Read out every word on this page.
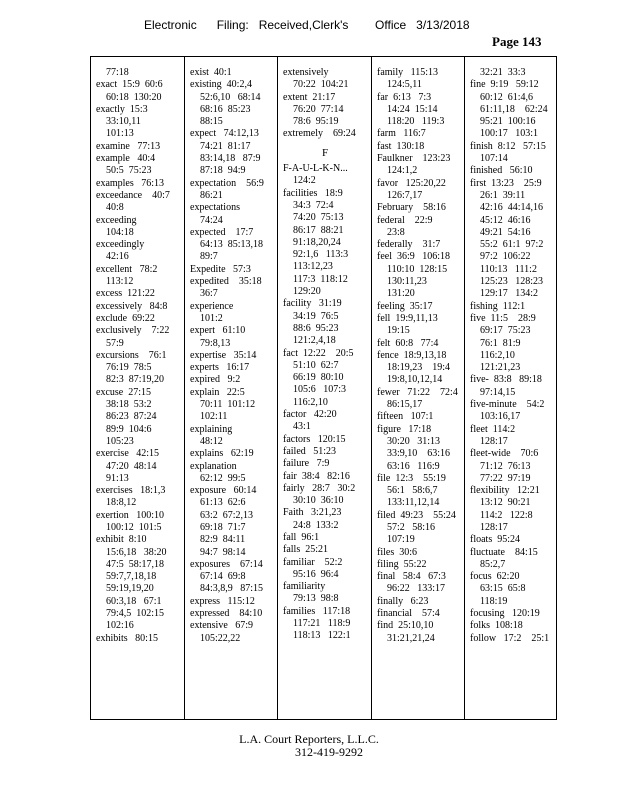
Electronic      Filing:   Received,Clerk's        Office   3/13/2018
Page 143
77:18
exact  15:9  60:6
60:18  130:20
exactly  15:3
33:10,11
101:13
examine   77:13
example   40:4
50:5  75:23
examples   76:13
exceedance    40:7
40:8
exceeding
104:18
exceedingly
42:16
excellent   78:2
113:12
excess  121:22
excessively   84:8
exclude  69:22
exclusively    7:22
57:9
excursions    76:1
76:19  78:5
82:3  87:19,20
excuse  27:15
38:18  53:2
86:23  87:24
89:9  104:6
105:23
exercise   42:15
47:20  48:14
91:13
exercises   18:1,3
18:8,12
exertion   100:10
100:12  101:5
exhibit  8:10
15:6,18   38:20
47:5  58:17,18
59:7,7,18,18
59:19,19,20
60:3,18   67:1
79:4,5  102:15
102:16
exhibits   80:15
exist  40:1
existing  40:2,4
52:6,10   68:14
68:16  85:23
88:15
expect   74:12,13
74:21  81:17
83:14,18   87:9
87:18  94:9
expectation    56:9
86:21
expectations
74:24
expected    17:7
64:13  85:13,18
89:7
Expedite   57:3
expedited    35:18
36:7
experience
101:2
expert   61:10
79:8,13
expertise   35:14
experts   16:17
expired   9:2
explain   22:5
70:11  101:12
102:11
explaining
48:12
explains   62:19
explanation
62:12  99:5
exposure   60:14
61:13  62:6
63:2  67:2,13
69:18  71:7
82:9  84:11
94:7  98:14
exposures    67:14
67:14  69:8
84:3,8,9   87:15
express   115:12
expressed    84:10
extensive   67:9
105:22,22
extensively
70:22  104:21
extent  21:17
76:20  77:14
78:6  95:19
extremely    69:24
F
F-A-U-L-K-N...
124:2
facilities   18:9
34:3  72:4
74:20  75:13
86:17  88:21
91:18,20,24
92:1,6   113:3
113:12,23
117:3  118:12
129:20
facility   31:19
34:19  76:5
88:6  95:23
121:2,4,18
fact  12:22    20:5
51:10  62:7
66:19  80:10
105:6   107:3
116:2,10
factor   42:20
43:1
factors   120:15
failed   51:23
failure   7:9
fair  38:4   82:16
fairly   28:7   30:2
30:10  36:10
Faith   3:21,23
24:8  133:2
fall  96:1
falls  25:21
familiar    52:2
95:16  96:4
familiarity
79:13  98:8
families   117:18
117:21   118:9
118:13   122:1
family   115:13
124:5,11
far  6:13   7:3
14:24  15:14
118:20   119:3
farm   116:7
fast  130:18
Faulkner    123:23
124:1,2
favor   125:20,22
126:7,17
February    58:16
federal    22:9
23:8
federally    31:7
feel  36:9   106:18
110:10  128:15
130:11,23
131:20
feeling  35:17
fell  19:9,11,13
19:15
felt  60:8   77:4
fence  18:9,13,18
18:19,23    19:4
19:8,10,12,14
fewer   71:22    72:4
86:15,17
fifteen   107:1
figure   17:18
30:20   31:13
33:9,10    63:16
63:16   116:9
file  12:3    55:19
56:1   58:6,7
133:11,12,14
filed  49:23    55:24
57:2   58:16
107:19
files  30:6
filing  55:22
final   58:4   67:3
96:22   133:17
finally   6:23
financial    57:4
find  25:10,10
31:21,21,24
32:21  33:3
fine  9:19   59:12
60:12  61:4,6
61:11,18    62:24
95:21  100:16
100:17   103:1
finish  8:12   57:15
107:14
finished   56:10
first  13:23    25:9
26:1  39:11
42:16  44:14,16
45:12  46:16
49:21  54:16
55:2  61:1  97:2
97:2  106:22
110:13   111:2
125:23   128:23
129:17   134:2
fishing  112:1
five  11:5    28:9
69:17  75:23
76:1  81:9
116:2,10
121:21,23
five-  83:8   89:18
97:14,15
five-minute    54:2
103:16,17
fleet  114:2
128:17
fleet-wide    70:6
71:12  76:13
77:22  97:19
flexibility   12:21
13:12  90:21
114:2   122:8
128:17
floats  95:24
fluctuate    84:15
85:2,7
focus  62:20
63:15  65:8
118:19
focusing   120:19
folks  108:18
follow   17:2    25:1
L.A. Court Reporters, L.L.C.

312-419-9292
